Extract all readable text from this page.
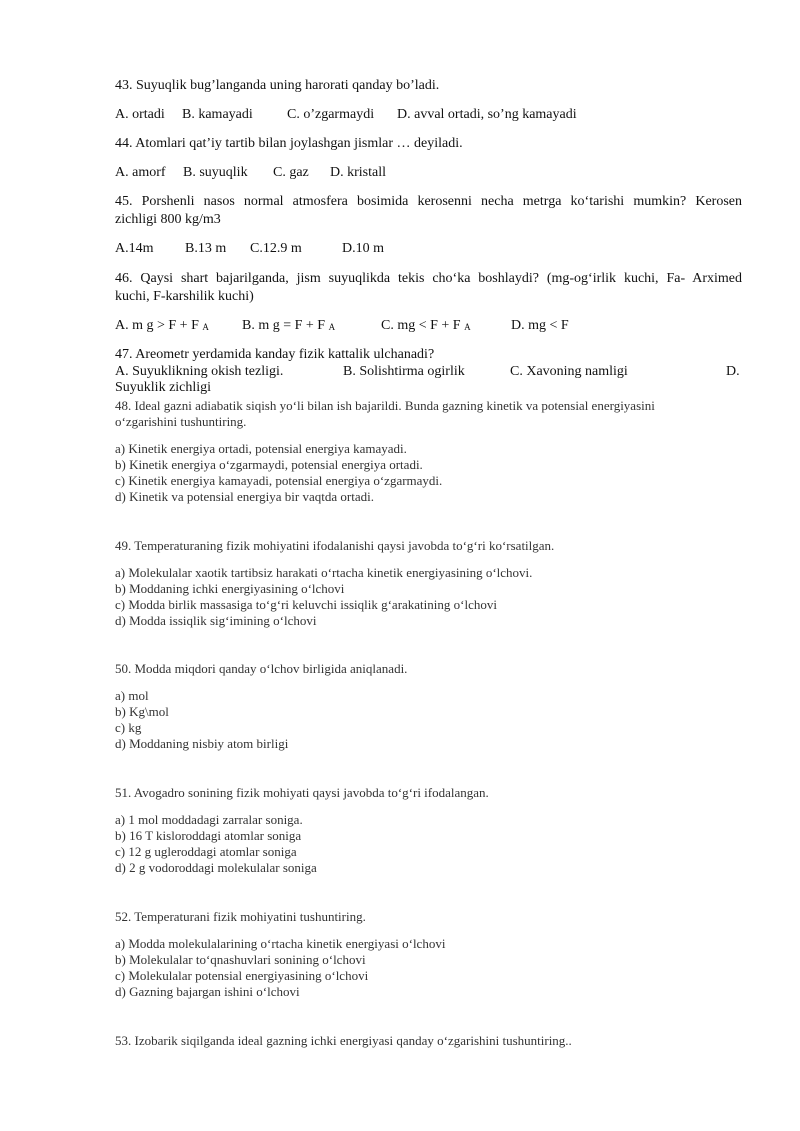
43. Suyuqlik bug’langanda uning harorati qanday bo’ladi.
A. ortadi B. kamayadi C. o’zgarmaydi D. avval ortadi, so’ng kamayadi
44. Atomlari qat’iy tartib bilan joylashgan jismlar … deyiladi.
A. amorf B. suyuqlik C. gaz D. kristall
45. Porshenli nasos normal atmosfera bosimida kerosenni necha metrga ko‘tarishi mumkin? Kerosen
zichligi 800 kg/m3
A.14m B.13 m C.12.9 m	D.10 m
46. Qaysi shart bajarilganda, jism suyuqlikda tekis cho‘ka boshlaydi? (mg-og‘irlik kuchi, Fa- Arximed
kuchi, F-karshilik kuchi)
A. m g > F + F A B. m g = F + F A	C. mg < F + F A	D. mg < F
47. Areometr yerdamida kanday fizik kattalik ulchanadi?
A. Suyuklikning okish tezligi.	B. Solishtirma ogirlik	C. Xavoning namligi	D.
Suyuklik zichligi
48. Ideal gazni adiabatik siqish yo‘li bilan ish bajarildi. Bunda gazning kinetik va potensial energiyasini
o‘zgarishini tushuntiring.
a) Kinetik energiya ortadi, potensial energiya kamayadi.
b) Kinetik energiya o‘zgarmaydi, potensial energiya ortadi.
c) Kinetik energiya kamayadi, potensial energiya o‘zgarmaydi.
d) Kinetik va potensial energiya bir vaqtda ortadi.
49. Temperaturaning fizik mohiyatini ifodalanishi qaysi javobda to‘g‘ri ko‘rsatilgan.
a) Molekulalar xaotik tartibsiz harakati o‘rtacha kinetik energiyasining o‘lchovi.
b) Moddaning ichki energiyasining o‘lchovi
c) Modda birlik massasiga to‘g‘ri keluvchi issiqlik g‘arakatining o‘lchovi
d) Modda issiqlik sig‘imining o‘lchovi
50. Modda miqdori qanday o‘lchov birligida aniqlanadi.
a) mol
b) Kg\mol
c) kg
d) Moddaning nisbiy atom birligi
51. Avogadro sonining fizik mohiyati qaysi javobda to‘g‘ri ifodalangan.
a) 1 mol moddadagi zarralar soniga.
b) 16 T kisloroddagi atomlar soniga
c) 12 g ugleroddagi atomlar soniga
d) 2 g vodoroddagi molekulalar soniga
52. Temperaturani fizik mohiyatini tushuntiring.
a) Modda molekulalarining o‘rtacha kinetik energiyasi o‘lchovi
b) Molekulalar to‘qnashuvlari sonining o‘lchovi
c) Molekulalar potensial energiyasining o‘lchovi
d) Gazning bajargan ishini o‘lchovi
53. Izobarik siqilganda ideal gazning ichki energiyasi qanday o‘zgarishini tushuntiring..
